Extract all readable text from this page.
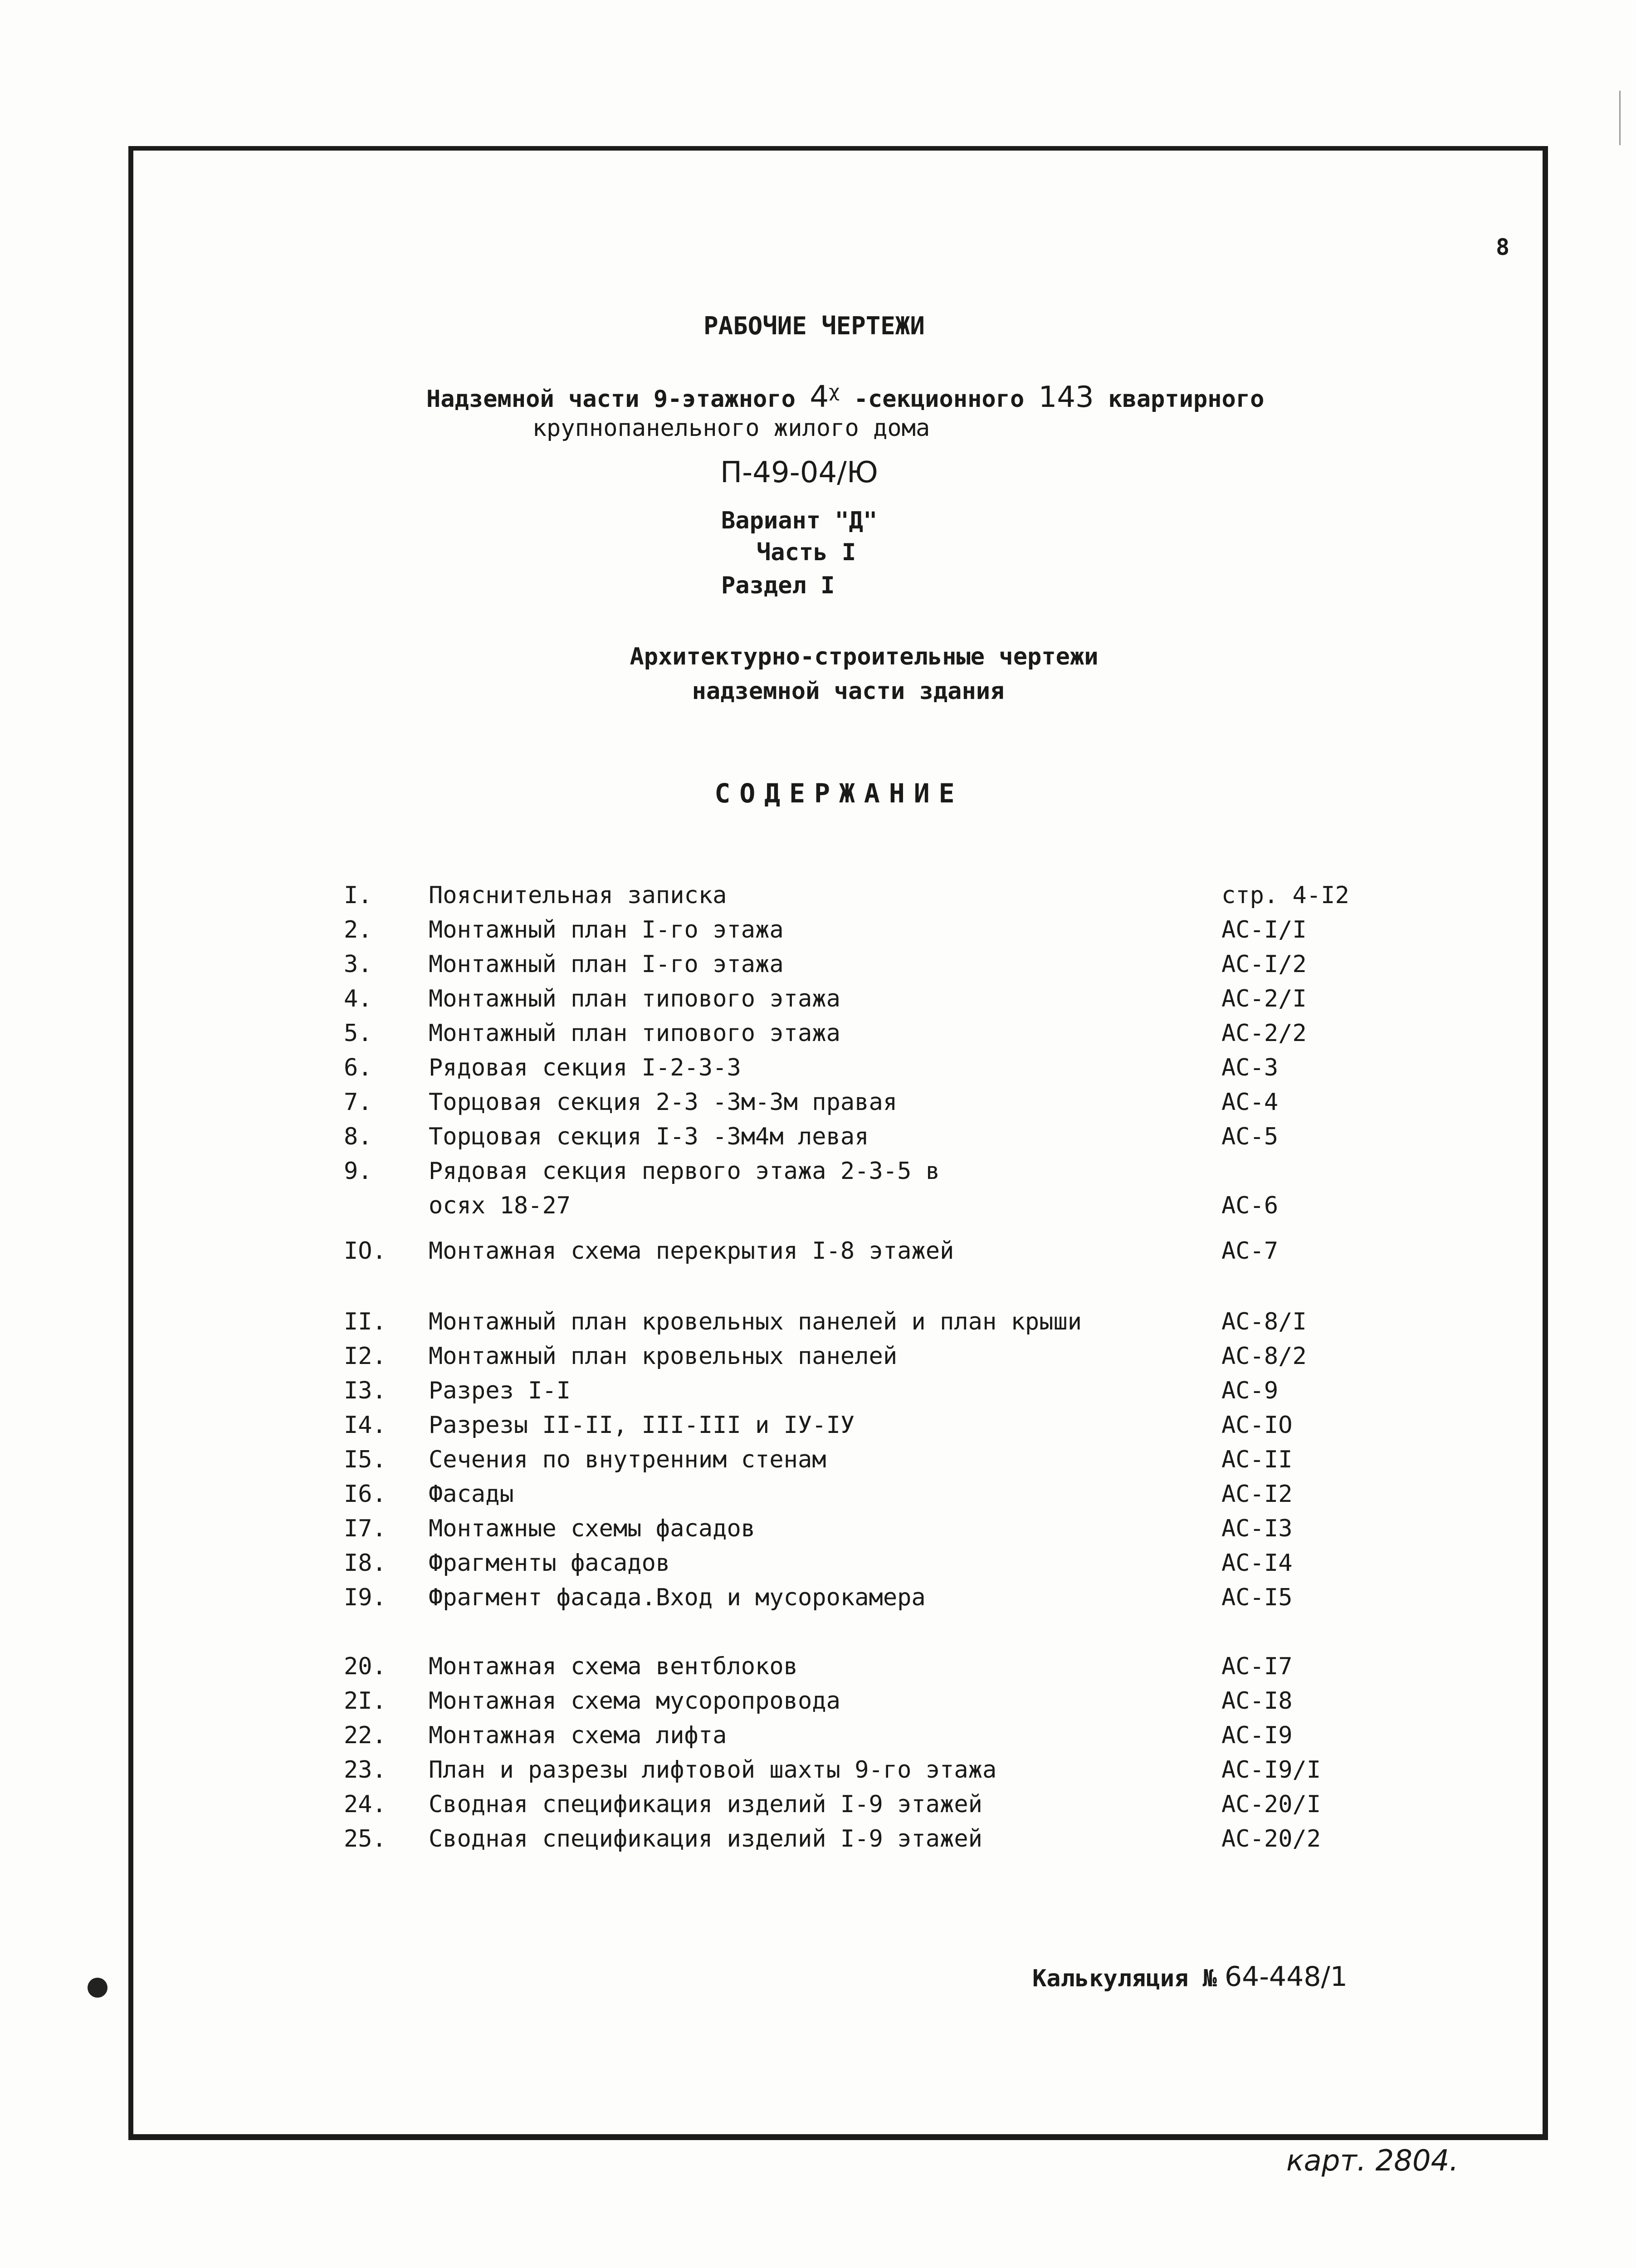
8
РАБОЧИЕ ЧЕРТЕЖИ
Надземной части 9-этажного 4ᵡ -секционного 143 квартирного
крупнопанельного жилого дома
П-49-04/Ю
Вариант "Д"
Часть I
Раздел I
Архитектурно-строительные чертежи
надземной части здания
СОДЕРЖАНИЕ
I. Пояснительная записка	стр. 4-I2
2. Монтажный план I-го этажа	АС-I/I
3. Монтажный план I-го этажа	АС-I/2
4. Монтажный план типового этажа	АС-2/I
5. Монтажный план типового этажа	АС-2/2
6. Рядовая секция I-2-3-3	АС-3
7. Торцовая секция 2-3 -3м-3м правая	АС-4
8. Торцовая секция I-3 -3м4м левая	АС-5
9. Рядовая секция первого этажа 2-3-5 в
осях 18-27	АС-6
IO. Монтажная схема перекрытия I-8 этажей	АС-7
II. Монтажный план кровельных панелей и план крыши	АС-8/I
I2. Монтажный план кровельных панелей	АС-8/2
I3. Разрез I-I	АС-9
I4. Разрезы II-II, III-III и IУ-IУ	АС-IO
I5. Сечения по внутренним стенам	АС-II
I6. Фасады	АС-I2
I7. Монтажные схемы фасадов	АС-I3
I8. Фрагменты фасадов	АС-I4
I9. Фрагмент фасада.Вход и мусорокамера	АС-I5
20. Монтажная схема вентблоков	АС-I7
2I. Монтажная схема мусоропровода	АС-I8
22. Монтажная схема лифта	АС-I9
23. План и разрезы лифтовой шахты 9-го этажа	АС-I9/I
24. Сводная спецификация изделий I-9 этажей	АС-20/I
25. Сводная спецификация изделий I-9 этажей	АС-20/2
Калькуляция № 64-448/1
карт. 2804.
